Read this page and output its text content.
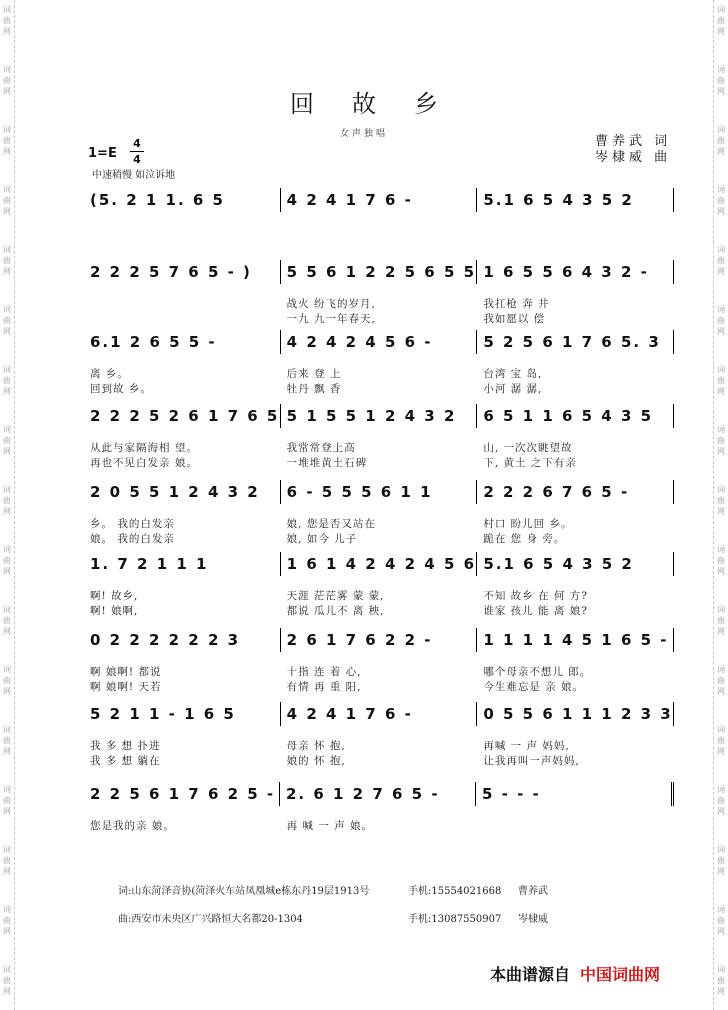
词
曲
网
词
曲
网
词
曲
网
词
曲
网
词
曲
网
词
曲
网
词
曲
网
词
曲
网
词
曲
网
词
曲
网
词
曲
网
词
曲
网
词
曲
网
词
曲
网
词
曲
网
词
曲
网
词
曲
网
词
曲
网
词
曲
网
词
曲
网
词
曲
网
词
曲
网
词
曲
网
词
曲
网
词
曲
网
词
曲
网
词
曲
网
词
曲
网
词
曲
网
词
曲
网
词
曲
网
词
曲
网
词
曲
网
词
曲
网
回故乡
女声独唱	曹养武 词
岑棣威 曲
1=E
4
4
中速稍慢 如泣诉地
(5. 2 1 1. 6 5	4 2 4 1 7 6 -	5.1 6 5 4 3 5 2
2 2 2 5 7 6 5 - )	5 5 6 1 2 2 5 6 5 5 1 6 5 5 6 4 3 2 -
战火 纷飞的岁月,	我扛枪 奔 井
一九 九一年春天,	我如愿以 偿
6.1 2 6 5 5 -	4 2 4 2 4 5 6 -	5 2 5 6 1 7 6 5. 3
离 乡。	后来 登 上	台湾 宝 岛,
回到故 乡。	牡丹 飘 香	小河 潺 潺,
2 2 2 5 2 6 1 7 6 5 5 1 5 5 1 2 4 3 2	6 5 1 1 6 5 4 3 5
从此与家隔海相 望。	我常常登上高	山, 一次次眺望故
再也不见白发亲 娘。	一堆堆黄土石碑	下, 黄土 之下有亲
2 0 5 5 1 2 4 3 2	6 - 5 5 5 6 1 1	2 2 2 6 7 6 5 -
乡。 我的白发亲	娘, 您是否又站在	村口 盼儿回 乡。
娘。 我的白发亲	娘, 如今 儿子	跪在 您 身 旁。
1. 7 2 1 1 1	1 6 1 4 2 4 2 4 5 6 5.1 6 5 4 3 5 2
啊! 故乡,	天涯 茫茫雾 蒙 蒙,	不知 故乡 在 何 方?
啊! 娘啊,	都说 瓜儿不 离 秧,	谁家 孩儿 能 离 娘?
0 2 2 2 2 2 2 3	2 6 1 7 6 2 2 -	1 1 1 1 4 5 1 6 5 -
啊 娘啊! 都说	十指 连 着 心,	哪个母亲不想儿 郎。
啊 娘啊! 天若	有情 再 重 阳,	今生难忘是 亲 娘。
5 2 1 1 - 1 6 5	4 2 4 1 7 6 -	0 5 5 6 1 1 1 2 3 3
我 多 想 扑进	母亲 怀 抱,	再喊 一 声 妈妈,
我 多 想 躺在	娘的 怀 抱,	让我再叫一声妈妈,
2 2 5 6 1 7 6 2 5 - 2. 6 1 2 7 6 5 -	5 - - -
您是我的亲 娘。	再 喊 一 声 娘。
词:山东菏泽音协(菏泽火车站凤凰城e栋东丹19层1913号	手机:15554021668	曹养武
曲:西安市未央区广兴路恒大名都20-1304	手机:13087550907	岑棣威
本曲谱源自 中国词曲网
